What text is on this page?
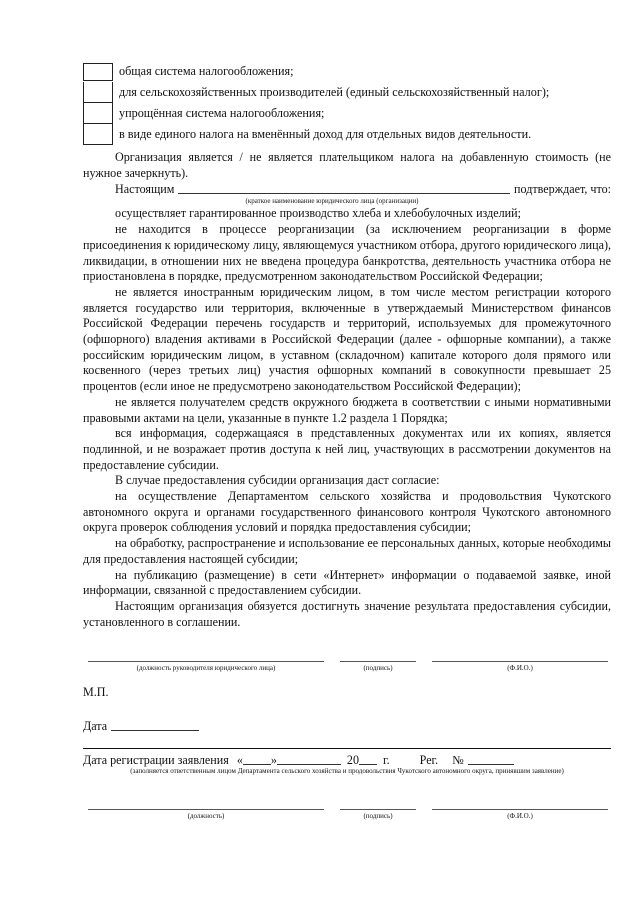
общая система налогообложения;
для сельскохозяйственных производителей (единый сельскохозяйственный налог);
упрощённая система налогообложения;
в виде единого налога на вменённый доход для отдельных видов деятельности.

Организация является / не является плательщиком налога на добавленную стоимость (не нужное зачеркнуть).

Настоящим	подтверждает, что:

(краткое наименование юридического лица (организации)

осуществляет гарантированное производство хлеба и хлебобулочных изделий;

не находится в процессе реорганизации (за исключением реорганизации в форме присоединения к юридическому лицу, являющемуся участником отбора, другого юридического лица), ликвидации, в отношении них не введена процедура банкротства, деятельность участника отбора не приостановлена в порядке, предусмотренном законодательством Российской Федерации;

не является иностранным юридическим лицом, в том числе местом регистрации которого является государство или территория, включенные в утверждаемый Министерством финансов Российской Федерации перечень государств и территорий, используемых для промежуточного (офшорного) владения активами в Российской Федерации (далее - офшорные компании), а также российским юридическим лицом, в уставном (складочном) капитале которого доля прямого или косвенного (через третьих лиц) участия офшорных компаний в совокупности превышает 25 процентов (если иное не предусмотрено законодательством Российской Федерации);

не является получателем средств окружного бюджета в соответствии с иными нормативными правовыми актами на цели, указанные в пункте 1.2 раздела 1 Порядка;

вся информация, содержащаяся в представленных документах или их копиях, является подлинной, и не возражает против доступа к ней лиц, участвующих в рассмотрении документов на предоставление субсидии.

В случае предоставления субсидии организация даст согласие:

на осуществление Департаментом сельского хозяйства и продовольствия Чукотского автономного округа и органами государственного финансового контроля Чукотского автономного округа проверок соблюдения условий и порядка предоставления субсидии;

на обработку, распространение и использование ее персональных данных, которые необходимы для предоставления настоящей субсидии;

на публикацию (размещение) в сети «Интернет» информации о подаваемой заявке, иной информации, связанной с предоставлением субсидии.

Настоящим организация обязуется достигнуть значение результата предоставления субсидии, установленного в соглашении.

(должность руководителя юридического лица)	(подпись)	(Ф.И.О.)
М.П.
Дата
Дата регистрации заявления « »	20 г. Рег. №
(заполняется ответственным лицом Департамента сельского хозяйства и продовольствия Чукотского автономного округа, принявшим заявление)
(должность)	(подпись)	(Ф.И.О.)
